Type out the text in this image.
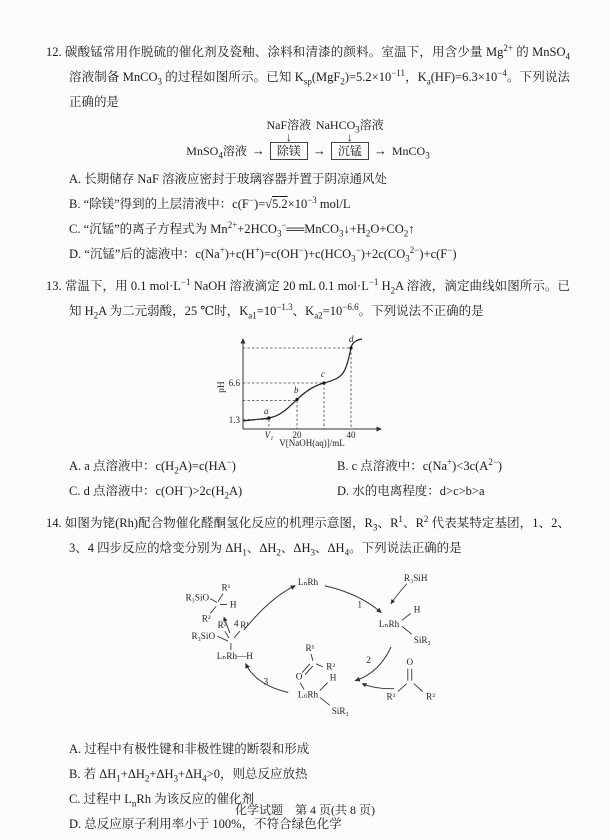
12. 碳酸锰常用作脱硫的催化剂及瓷釉、涂料和清漆的颜料。室温下，用含少量 $Mg^{2+}$ 的 MnSO$_4$ 溶液制备 MnCO$_3$ 的过程如图所示。已知 $K_{sp}(MgF_2)=5.2\times 10^{-11}$，$K_a(HF)=6.3\times 10^{-4}$。下列说法正确的是

MnSO$_4$溶液 →
NaF溶液
↓
除镁 →
NaHCO$_3$溶液
↓
沉锰 → MnCO$_3$

A. 长期储存 NaF 溶液应密封于玻璃容器并置于阴凉通风处

B. “除镁”得到的上层清液中：$c(F^-)=√5.2\times 10^{-3}$ mol/L

C. “沉锰”的离子方程式为 $Mn^{2+}+2HCO_3^-══MnCO_3↓+H_2O+CO_2↑$

D. “沉锰”后的滤液中：$c(Na^+)+c(H^+)=c(OH^-)+c(HCO_3^-)+2c(CO_3^{2-})+c(F^-)$

13. 常温下，用 0.1 $mol\cdot L^{-1}$ NaOH 溶液滴定 20 mL 0.1 $mol\cdot L^{-1}$ $H_2A$ 溶液，滴定曲线如图所示。已知 $H_2A$ 为二元弱酸，25 ℃时，$K_{a1}=10^{-1.3}$、$K_{a2}=10^{-6.6}$。下列说法不正确的是

pH
V[NaOH(aq)]/mL
6.6
1.3
V₁ 20	40
a
b
c
d

A. a 点溶液中：$c(H_2A)=c(HA^-)$	B. c 点溶液中：$c(Na^+)<3c(A^{2-})$

C. d 点溶液中：$c(OH^-)>2c(H_2A)$	D. 水的电离程度：d>c>b>a

14. 如图为铑(Rh)配合物催化醛酮氢化反应的机理示意图，$R_3$、$R^1$、$R^2$ 代表某特定基团，1、2、3、4 四步反应的焓变分别为 $\Delta H_1$、$\Delta H_2$、$\Delta H_3$、$\Delta H_4$。下列说法正确的是

LₙRh
1
R₃SiH
LₙRh
H
SiR₃
2	O
R¹	R²
LₙRh
H
SiR₃
O
R¹
R²
3
R₃SiO
LₙRh—H
R² R¹
R₃SiO
R¹
H
R²
4

A. 过程中有极性键和非极性键的断裂和形成

B. 若 $\Delta H_1+\Delta H_2+\Delta H_3+\Delta H_4>0$，则总反应放热

C. 过程中 $L_nRh$ 为该反应的催化剂

D. 总反应原子利用率小于 100%，不符合绿色化学

化学试题　第 4 页(共 8 页)
